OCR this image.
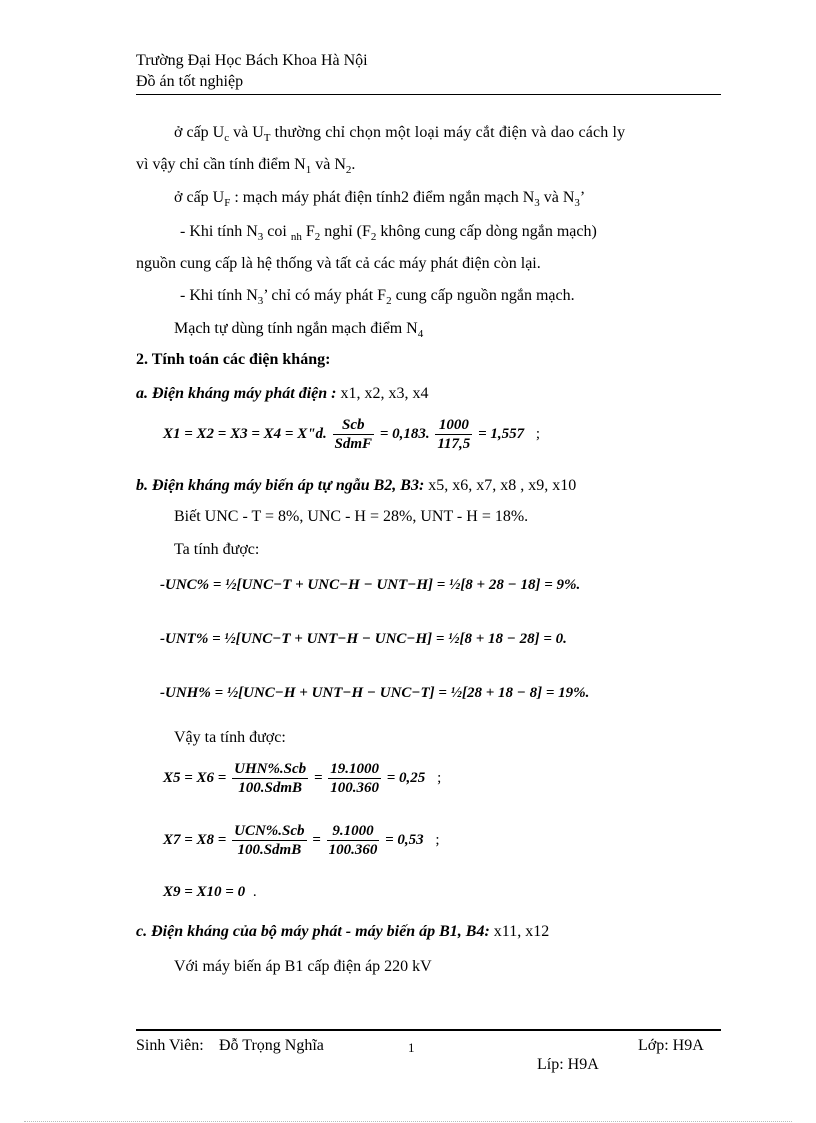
Trường Đại Học Bách Khoa Hà Nội
Đồ án tốt nghiệp
ở cấp $U_c$ và $U_T$ thường chỉ chọn một loại máy cắt điện và dao cách ly
vì vậy chỉ cần tính điểm $N_1$ và $N_2$.
ở cấp $U_F$ : mạch máy phát điện tính2 điểm ngắn mạch $N_3$ và $N_3$’
- Khi tính $N_3$ coi $_{nh}$ $F_2$ nghỉ ($F_2$ không cung cấp dòng ngắn mạch)
nguồn cung cấp là hệ thống và tất cả các máy phát điện còn lại.
- Khi tính $N_3$’ chỉ có máy phát $F_2$ cung cấp nguồn ngắn mạch.
Mạch tự dùng tính ngắn mạch điểm $N_4$
2. Tính toán các điện kháng:
a. Điện kháng máy phát điện : x1, x2, x3, x4
X1 = X2 = X3 = X4 = X"d. $\frac{\text{Scb}}{\text{SdmF}} = 0,183$. $\frac{1000}{117,5} = 1,557$ ;
b. Điện kháng máy biến áp tự ngẫu B2, B3: x5, x6, x7, x8 , x9, x10
Biết UNC - T = 8%, UNC - H = 28%, UNT - H = 18%.
Ta tính được:
-UNC% = ½[UNC−T + UNC−H − UNT−H] = ½[8 + 28 − 18] = 9%.
-UNT% = ½[UNC−T + UNT−H − UNC−H] = ½[8 + 18 − 28] = 0.
-UNH% = ½[UNC−H + UNT−H − UNC−T] = ½[28 + 18 − 8] = 19%.
Vậy ta tính được:
$X5 = X6 = \frac{\text{UHN\%.Scb}}{\text{100.SdmB}} = \frac{19.1000}{100.360} = 0,25$ ;
$X7 = X8 = \frac{\text{UCN\%.Scb}}{\text{100.SdmB}} = \frac{9.1000}{100.360} = 0,53$ ;
X9 = X10 = 0 .
c. Điện kháng của bộ máy phát - máy biến áp B1, B4: x11, x12
Với máy biến áp B1 cấp điện áp 220 kV
Sinh Viên: Đỗ Trọng Nghĩa	1	Lớp: H9A
Líp: H9A
